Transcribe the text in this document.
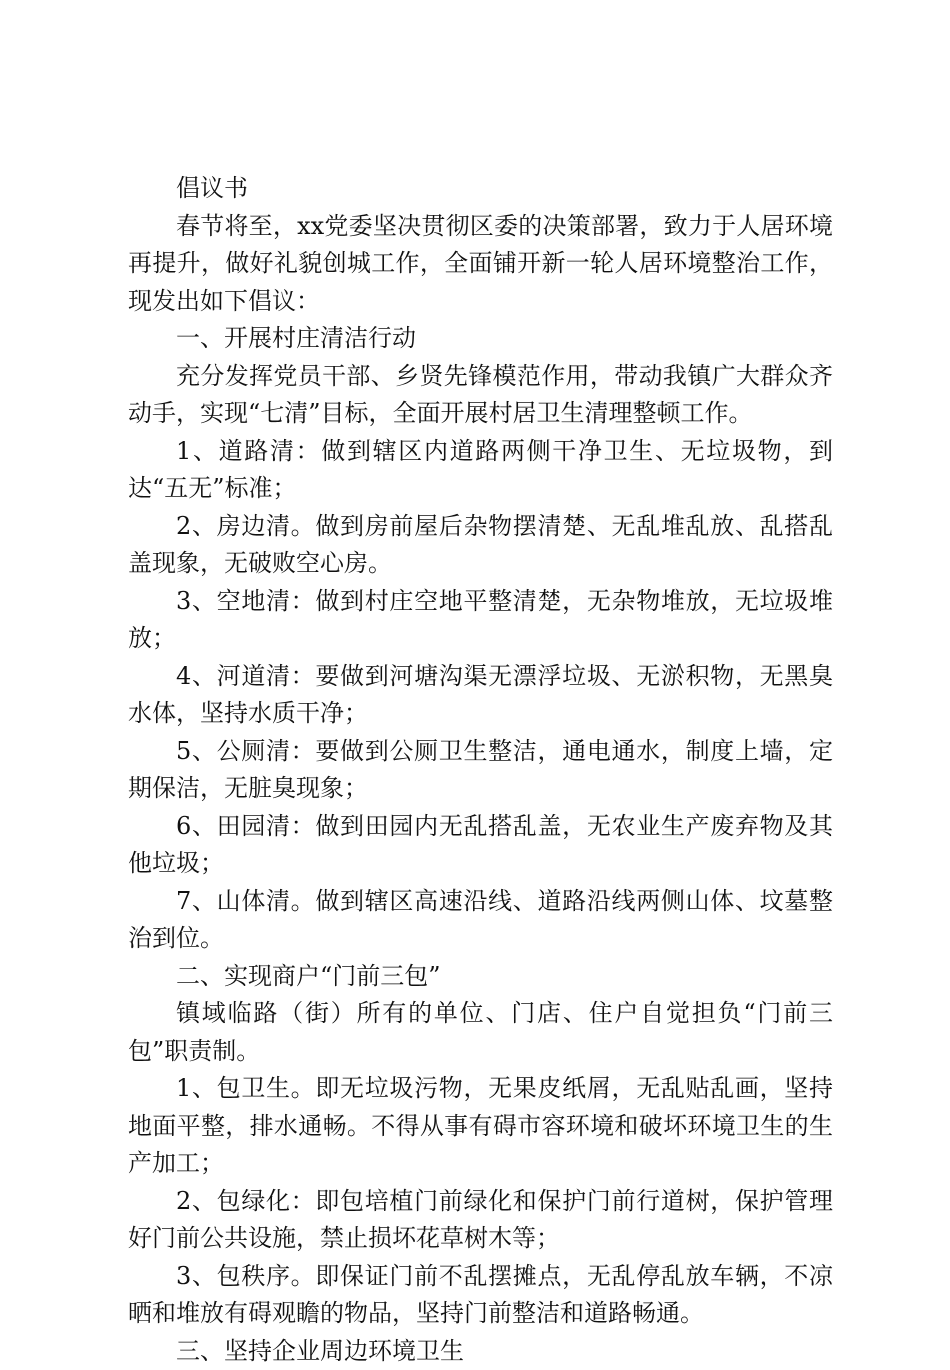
倡议书

春节将至，xx党委坚决贯彻区委的决策部署，致力于人居环境再提升，做好礼貌创城工作，全面铺开新一轮人居环境整治工作，现发出如下倡议：

一、开展村庄清洁行动

充分发挥党员干部、乡贤先锋模范作用，带动我镇广大群众齐动手，实现“七清”目标，全面开展村居卫生清理整顿工作。

1、道路清：做到辖区内道路两侧干净卫生、无垃圾物，到达“五无”标准；

2、房边清。做到房前屋后杂物摆清楚、无乱堆乱放、乱搭乱盖现象，无破败空心房。

3、空地清：做到村庄空地平整清楚，无杂物堆放，无垃圾堆放；

4、河道清：要做到河塘沟渠无漂浮垃圾、无淤积物，无黑臭水体，坚持水质干净；

5、公厕清：要做到公厕卫生整洁，通电通水，制度上墙，定期保洁，无脏臭现象；

6、田园清：做到田园内无乱搭乱盖，无农业生产废弃物及其他垃圾；

7、山体清。做到辖区高速沿线、道路沿线两侧山体、坟墓整治到位。

二、实现商户“门前三包”

镇域临路（街）所有的单位、门店、住户自觉担负“门前三包”职责制。

1、包卫生。即无垃圾污物，无果皮纸屑，无乱贴乱画，坚持地面平整，排水通畅。不得从事有碍市容环境和破坏环境卫生的生产加工；

2、包绿化：即包培植门前绿化和保护门前行道树，保护管理好门前公共设施，禁止损坏花草树木等；

3、包秩序。即保证门前不乱摆摊点，无乱停乱放车辆，不凉晒和堆放有碍观瞻的物品，坚持门前整洁和道路畅通。

三、坚持企业周边环境卫生
